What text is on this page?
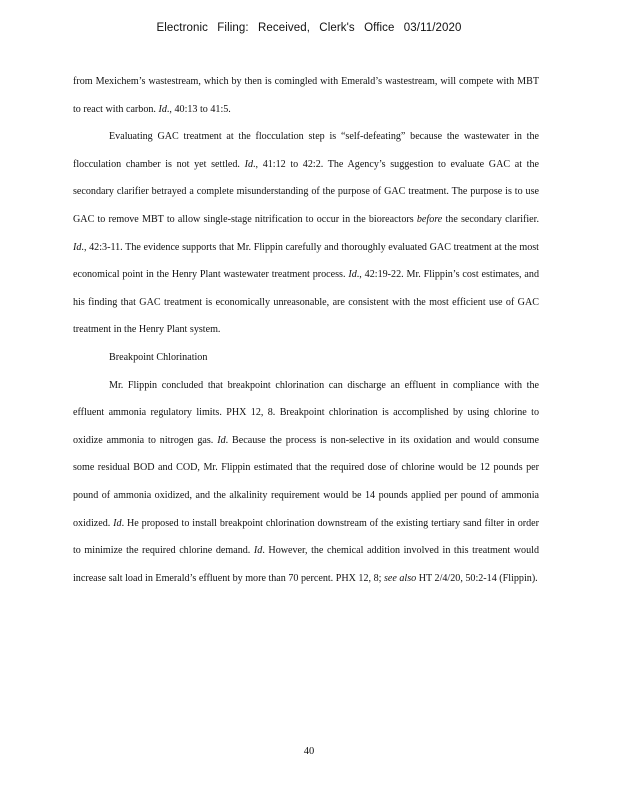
Electronic Filing: Received, Clerk's Office 03/11/2020

from Mexichem’s wastestream, which by then is comingled with Emerald’s wastestream, will compete with MBT to react with carbon. Id., 40:13 to 41:5.

Evaluating GAC treatment at the flocculation step is “self-defeating” because the wastewater in the flocculation chamber is not yet settled. Id., 41:12 to 42:2. The Agency’s suggestion to evaluate GAC at the secondary clarifier betrayed a complete misunderstanding of the purpose of GAC treatment. The purpose is to use GAC to remove MBT to allow single-stage nitrification to occur in the bioreactors before the secondary clarifier. Id., 42:3-11. The evidence supports that Mr. Flippin carefully and thoroughly evaluated GAC treatment at the most economical point in the Henry Plant wastewater treatment process. Id., 42:19-22. Mr. Flippin’s cost estimates, and his finding that GAC treatment is economically unreasonable, are consistent with the most efficient use of GAC treatment in the Henry Plant system.

Breakpoint Chlorination

Mr. Flippin concluded that breakpoint chlorination can discharge an effluent in compliance with the effluent ammonia regulatory limits. PHX 12, 8. Breakpoint chlorination is accomplished by using chlorine to oxidize ammonia to nitrogen gas. Id. Because the process is non-selective in its oxidation and would consume some residual BOD and COD, Mr. Flippin estimated that the required dose of chlorine would be 12 pounds per pound of ammonia oxidized, and the alkalinity requirement would be 14 pounds applied per pound of ammonia oxidized. Id. He proposed to install breakpoint chlorination downstream of the existing tertiary sand filter in order to minimize the required chlorine demand. Id. However, the chemical addition involved in this treatment would increase salt load in Emerald’s effluent by more than 70 percent. PHX 12, 8; see also HT 2/4/20, 50:2-14 (Flippin).

40
